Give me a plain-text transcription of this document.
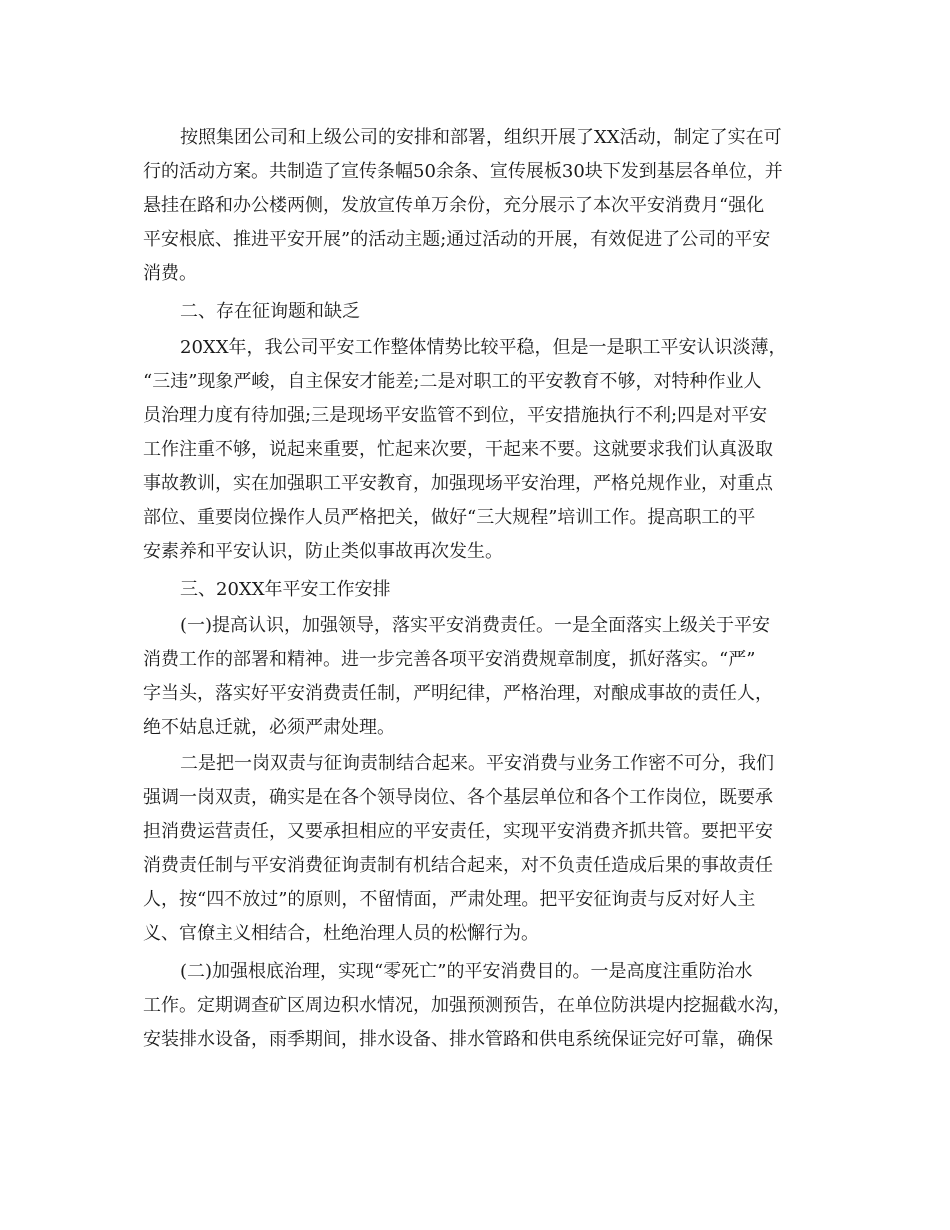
按照集团公司和上级公司的安排和部署，组织开展了XX活动，制定了实在可
行的活动方案。共制造了宣传条幅50余条、宣传展板30块下发到基层各单位，并
悬挂在路和办公楼两侧，发放宣传单万余份，充分展示了本次平安消费月“强化
平安根底、推进平安开展”的活动主题;通过活动的开展，有效促进了公司的平安
消费。
二、存在征询题和缺乏
20XX年，我公司平安工作整体情势比较平稳，但是一是职工平安认识淡薄，
“三违”现象严峻，自主保安才能差;二是对职工的平安教育不够，对特种作业人
员治理力度有待加强;三是现场平安监管不到位，平安措施执行不利;四是对平安
工作注重不够，说起来重要，忙起来次要，干起来不要。这就要求我们认真汲取
事故教训，实在加强职工平安教育，加强现场平安治理，严格兑规作业，对重点
部位、重要岗位操作人员严格把关，做好“三大规程”培训工作。提高职工的平
安素养和平安认识，防止类似事故再次发生。
三、20XX年平安工作安排
(一)提高认识，加强领导，落实平安消费责任。一是全面落实上级关于平安
消费工作的部署和精神。进一步完善各项平安消费规章制度，抓好落实。“严”
字当头，落实好平安消费责任制，严明纪律，严格治理，对酿成事故的责任人，
绝不姑息迁就，必须严肃处理。
二是把一岗双责与征询责制结合起来。平安消费与业务工作密不可分，我们
强调一岗双责，确实是在各个领导岗位、各个基层单位和各个工作岗位，既要承
担消费运营责任，又要承担相应的平安责任，实现平安消费齐抓共管。要把平安
消费责任制与平安消费征询责制有机结合起来，对不负责任造成后果的事故责任
人，按“四不放过”的原则，不留情面，严肃处理。把平安征询责与反对好人主
义、官僚主义相结合，杜绝治理人员的松懈行为。
(二)加强根底治理，实现“零死亡”的平安消费目的。一是高度注重防治水
工作。定期调查矿区周边积水情况，加强预测预告，在单位防洪堤内挖掘截水沟，
安装排水设备，雨季期间，排水设备、排水管路和供电系统保证完好可靠，确保
